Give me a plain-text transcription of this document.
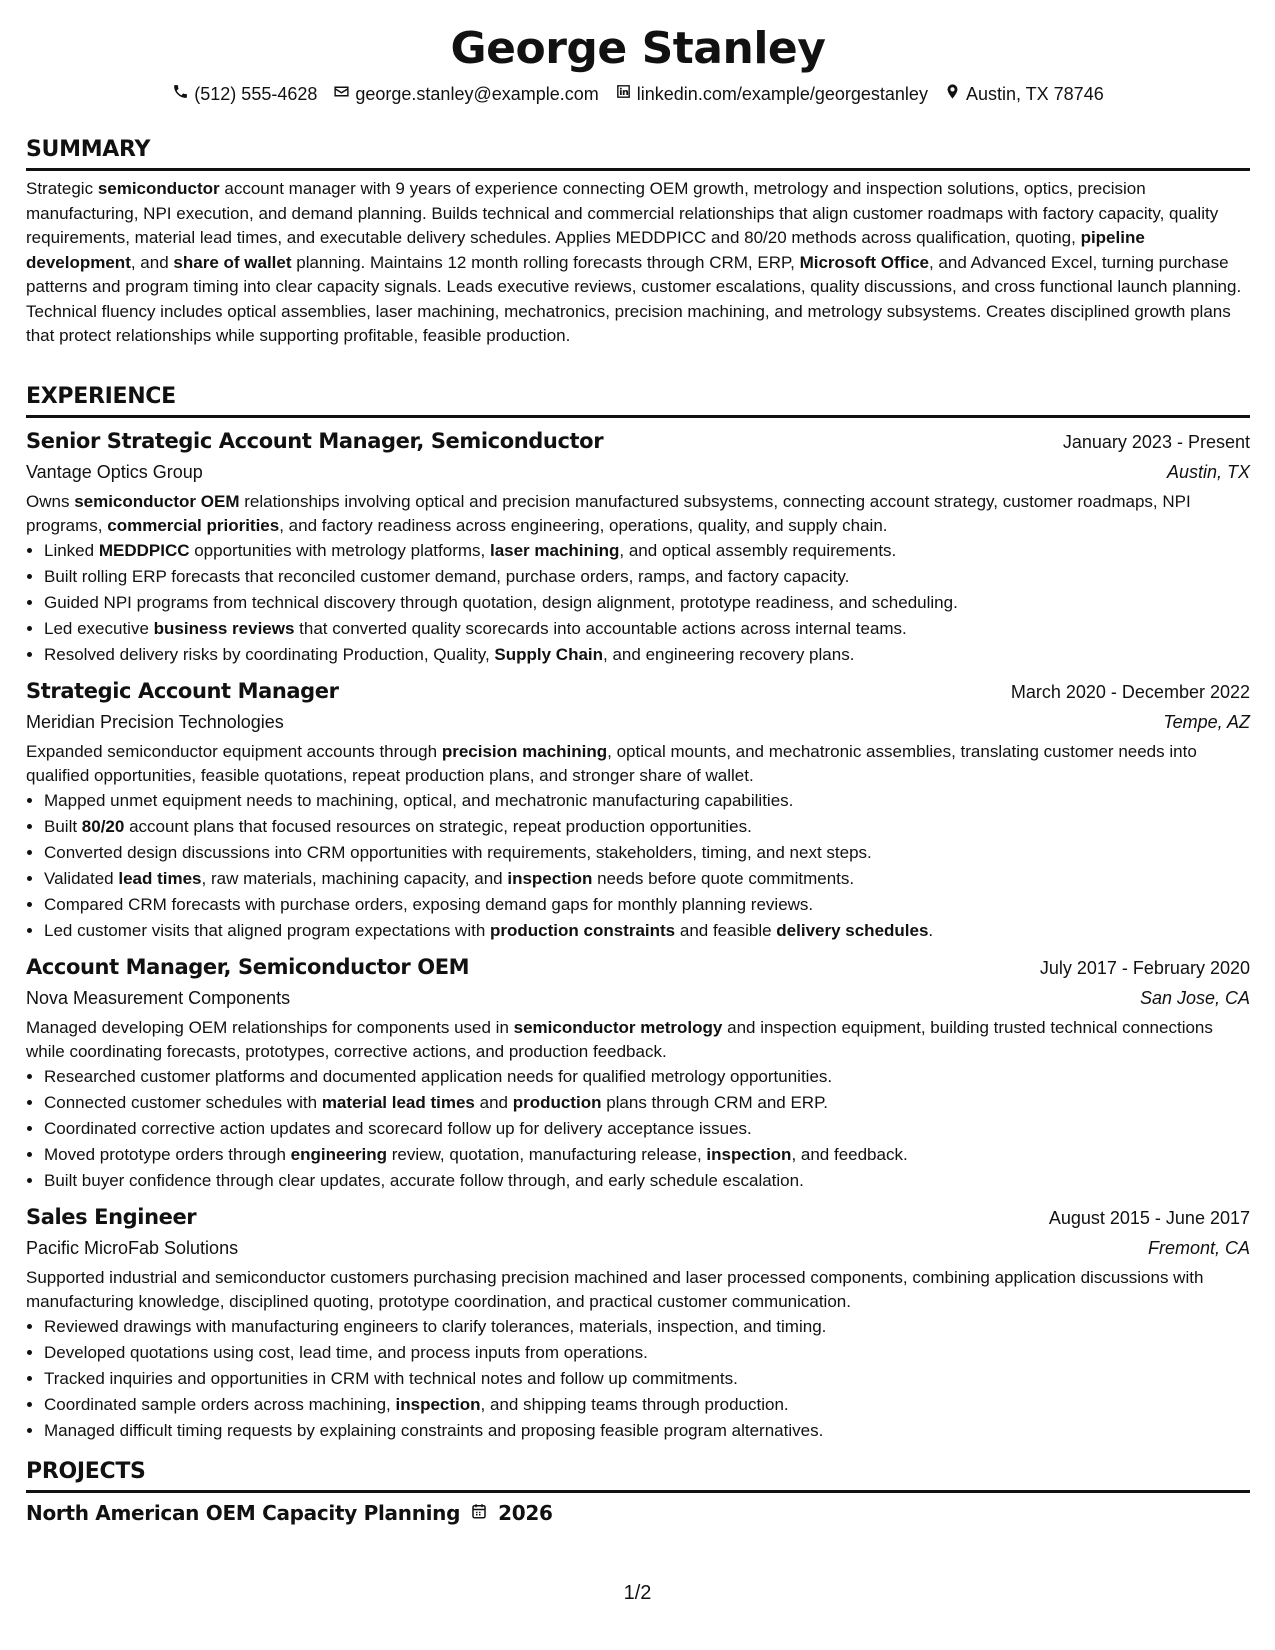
George Stanley
(512) 555-4628 george.stanley@example.com linkedin.com/example/georgestanley Austin, TX 78746
SUMMARY
Strategic semiconductor account manager with 9 years of experience connecting OEM growth, metrology and inspection solutions, optics, precision manufacturing, NPI execution, and demand planning. Builds technical and commercial relationships that align customer roadmaps with factory capacity, quality requirements, material lead times, and executable delivery schedules. Applies MEDDPICC and 80/20 methods across qualification, quoting, pipeline development, and share of wallet planning. Maintains 12 month rolling forecasts through CRM, ERP, Microsoft Office, and Advanced Excel, turning purchase patterns and program timing into clear capacity signals. Leads executive reviews, customer escalations, quality discussions, and cross functional launch planning. Technical fluency includes optical assemblies, laser machining, mechatronics, precision machining, and metrology subsystems. Creates disciplined growth plans that protect relationships while supporting profitable, feasible production.
EXPERIENCE
Senior Strategic Account Manager, Semiconductor	January 2023 - Present
Vantage Optics Group	Austin, TX
Owns semiconductor OEM relationships involving optical and precision manufactured subsystems, connecting account strategy, customer roadmaps, NPI programs, commercial priorities, and factory readiness across engineering, operations, quality, and supply chain.
• Linked MEDDPICC opportunities with metrology platforms, laser machining, and optical assembly requirements.
• Built rolling ERP forecasts that reconciled customer demand, purchase orders, ramps, and factory capacity.
• Guided NPI programs from technical discovery through quotation, design alignment, prototype readiness, and scheduling.
• Led executive business reviews that converted quality scorecards into accountable actions across internal teams.
• Resolved delivery risks by coordinating Production, Quality, Supply Chain, and engineering recovery plans.
Strategic Account Manager	March 2020 - December 2022
Meridian Precision Technologies	Tempe, AZ
Expanded semiconductor equipment accounts through precision machining, optical mounts, and mechatronic assemblies, translating customer needs into qualified opportunities, feasible quotations, repeat production plans, and stronger share of wallet.
• Mapped unmet equipment needs to machining, optical, and mechatronic manufacturing capabilities.
• Built 80/20 account plans that focused resources on strategic, repeat production opportunities.
• Converted design discussions into CRM opportunities with requirements, stakeholders, timing, and next steps.
• Validated lead times, raw materials, machining capacity, and inspection needs before quote commitments.
• Compared CRM forecasts with purchase orders, exposing demand gaps for monthly planning reviews.
• Led customer visits that aligned program expectations with production constraints and feasible delivery schedules.
Account Manager, Semiconductor OEM	July 2017 - February 2020
Nova Measurement Components	San Jose, CA
Managed developing OEM relationships for components used in semiconductor metrology and inspection equipment, building trusted technical connections while coordinating forecasts, prototypes, corrective actions, and production feedback.
• Researched customer platforms and documented application needs for qualified metrology opportunities.
• Connected customer schedules with material lead times and production plans through CRM and ERP.
• Coordinated corrective action updates and scorecard follow up for delivery acceptance issues.
• Moved prototype orders through engineering review, quotation, manufacturing release, inspection, and feedback.
• Built buyer confidence through clear updates, accurate follow through, and early schedule escalation.
Sales Engineer	August 2015 - June 2017
Pacific MicroFab Solutions	Fremont, CA
Supported industrial and semiconductor customers purchasing precision machined and laser processed components, combining application discussions with manufacturing knowledge, disciplined quoting, prototype coordination, and practical customer communication.
• Reviewed drawings with manufacturing engineers to clarify tolerances, materials, inspection, and timing.
• Developed quotations using cost, lead time, and process inputs from operations.
• Tracked inquiries and opportunities in CRM with technical notes and follow up commitments.
• Coordinated sample orders across machining, inspection, and shipping teams through production.
• Managed difficult timing requests by explaining constraints and proposing feasible program alternatives.
PROJECTS
North American OEM Capacity Planning 2026
1/2
